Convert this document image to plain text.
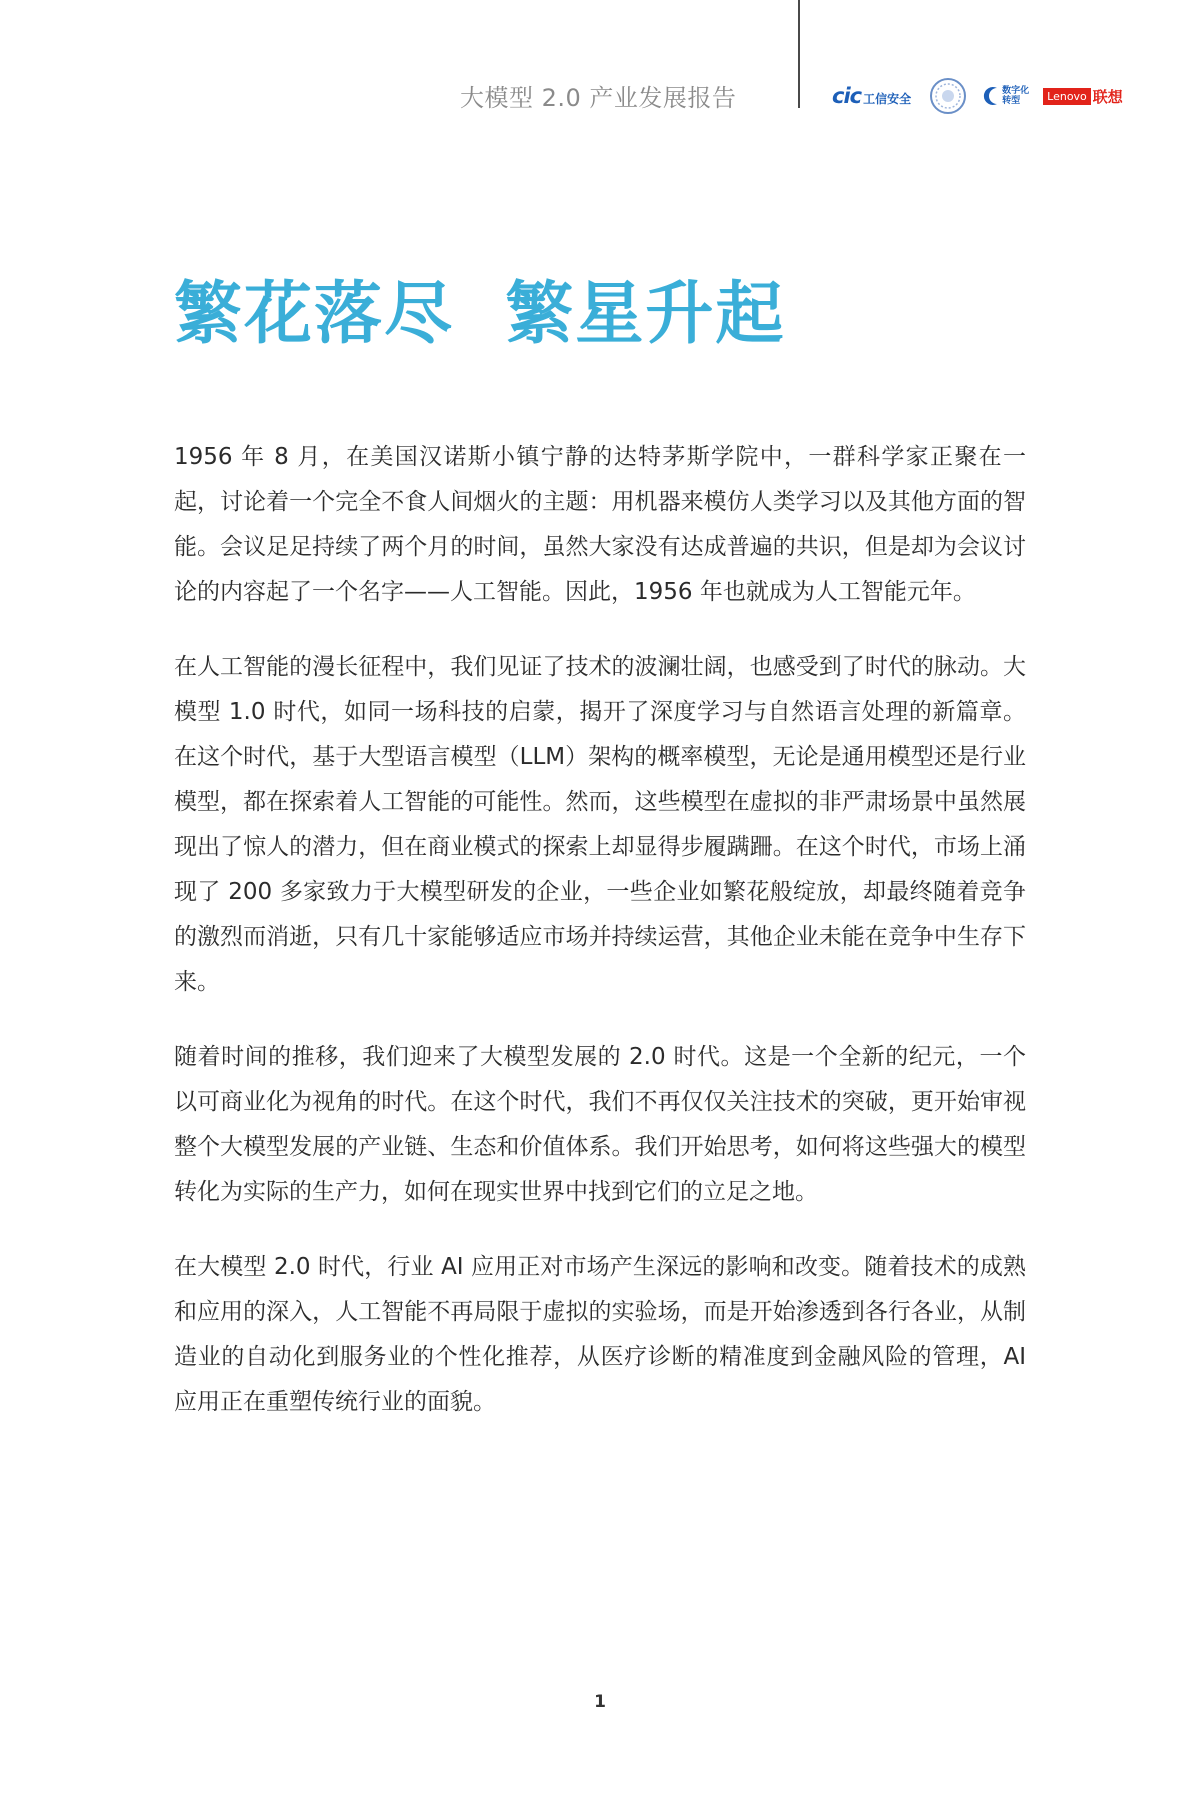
大模型 2.0 产业发展报告	cic 工信安全
数字化
转型	Lenovo 联想
繁花落尽  繁星升起

1956 年 8 月，在美国汉诺斯小镇宁静的达特茅斯学院中，一群科学家正聚在一起，讨论着一个完全不食人间烟火的主题：用机器来模仿人类学习以及其他方面的智能。会议足足持续了两个月的时间，虽然大家没有达成普遍的共识，但是却为会议讨论的内容起了一个名字——人工智能。因此，1956 年也就成为人工智能元年。

在人工智能的漫长征程中，我们见证了技术的波澜壮阔，也感受到了时代的脉动。大模型 1.0 时代，如同一场科技的启蒙，揭开了深度学习与自然语言处理的新篇章。在这个时代，基于大型语言模型（LLM）架构的概率模型，无论是通用模型还是行业模型，都在探索着人工智能的可能性。然而，这些模型在虚拟的非严肃场景中虽然展现出了惊人的潜力，但在商业模式的探索上却显得步履蹒跚。在这个时代，市场上涌现了 200 多家致力于大模型研发的企业，一些企业如繁花般绽放，却最终随着竞争的激烈而消逝，只有几十家能够适应市场并持续运营，其他企业未能在竞争中生存下来。

随着时间的推移，我们迎来了大模型发展的 2.0 时代。这是一个全新的纪元，一个以可商业化为视角的时代。在这个时代，我们不再仅仅关注技术的突破，更开始审视整个大模型发展的产业链、生态和价值体系。我们开始思考，如何将这些强大的模型转化为实际的生产力，如何在现实世界中找到它们的立足之地。

在大模型 2.0 时代，行业 AI 应用正对市场产生深远的影响和改变。随着技术的成熟和应用的深入，人工智能不再局限于虚拟的实验场，而是开始渗透到各行各业，从制造业的自动化到服务业的个性化推荐，从医疗诊断的精准度到金融风险的管理，AI 应用正在重塑传统行业的面貌。

1
